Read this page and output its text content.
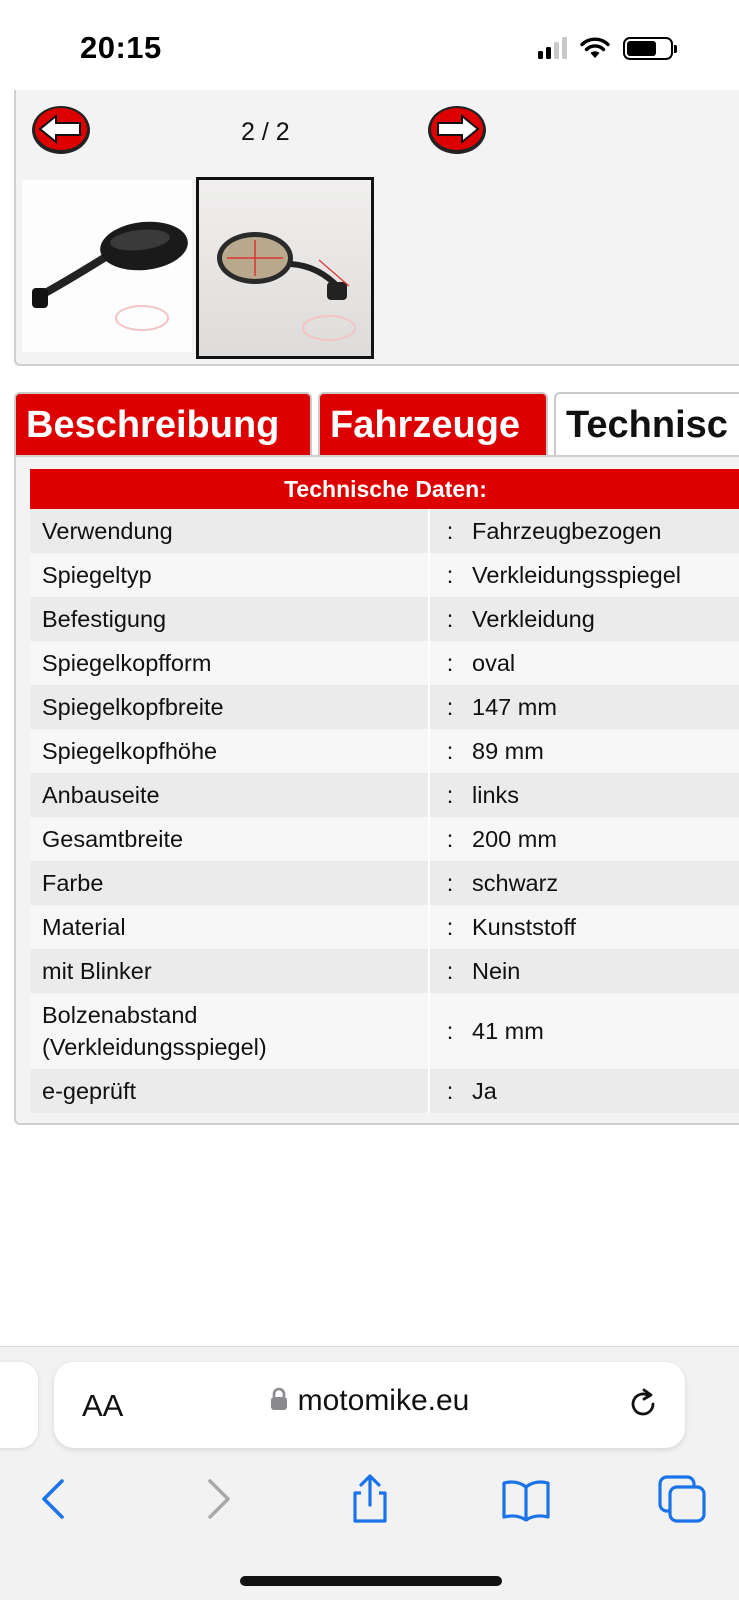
20:15
2 / 2
Beschreibung	Fahrzeuge	Technisc
Technische Daten:
Verwendung	: Fahrzeugbezogen
Spiegeltyp	: Verkleidungsspiegel
Befestigung	: Verkleidung
Spiegelkopfform	: oval
Spiegelkopfbreite	: 147 mm
Spiegelkopfhöhe	: 89 mm
Anbauseite	: links
Gesamtbreite	: 200 mm
Farbe	: schwarz
Material	: Kunststoff
mit Blinker	: Nein
Bolzenabstand (Verkleidungsspiegel)
: 41 mm
e-geprüft	: Ja
AA	motomike.eu
